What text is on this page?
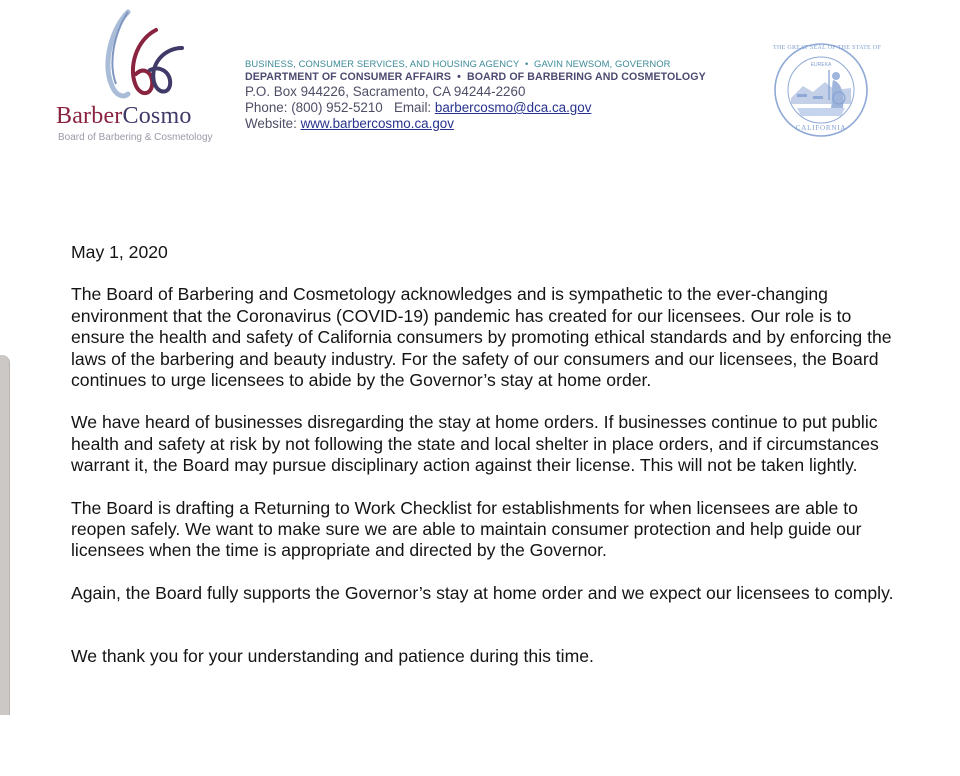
BarberCosmo
Board of Barbering & Cosmetology
BUSINESS, CONSUMER SERVICES, AND HOUSING AGENCY • GAVIN NEWSOM, GOVERNOR
DEPARTMENT OF CONSUMER AFFAIRS • BOARD OF BARBERING AND COSMETOLOGY
P.O. Box 944226, Sacramento, CA 94244-2260
Phone: (800) 952-5210 Email: barbercosmo@dca.ca.gov
Website: www.barbercosmo.ca.gov
THE GREAT SEAL OF THE STATE OF
EUREKA
CALIFORNIA

May 1, 2020

The Board of Barbering and Cosmetology acknowledges and is sympathetic to the ever-changing environment that the Coronavirus (COVID-19) pandemic has created for our licensees. Our role is to ensure the health and safety of California consumers by promoting ethical standards and by enforcing the laws of the barbering and beauty industry. For the safety of our consumers and our licensees, the Board continues to urge licensees to abide by the Governor’s stay at home order.

We have heard of businesses disregarding the stay at home orders. If businesses continue to put public health and safety at risk by not following the state and local shelter in place orders, and if circumstances warrant it, the Board may pursue disciplinary action against their license. This will not be taken lightly.

The Board is drafting a Returning to Work Checklist for establishments for when licensees are able to reopen safely. We want to make sure we are able to maintain consumer protection and help guide our licensees when the time is appropriate and directed by the Governor.

Again, the Board fully supports the Governor’s stay at home order and we expect our licensees to comply.

We thank you for your understanding and patience during this time.
